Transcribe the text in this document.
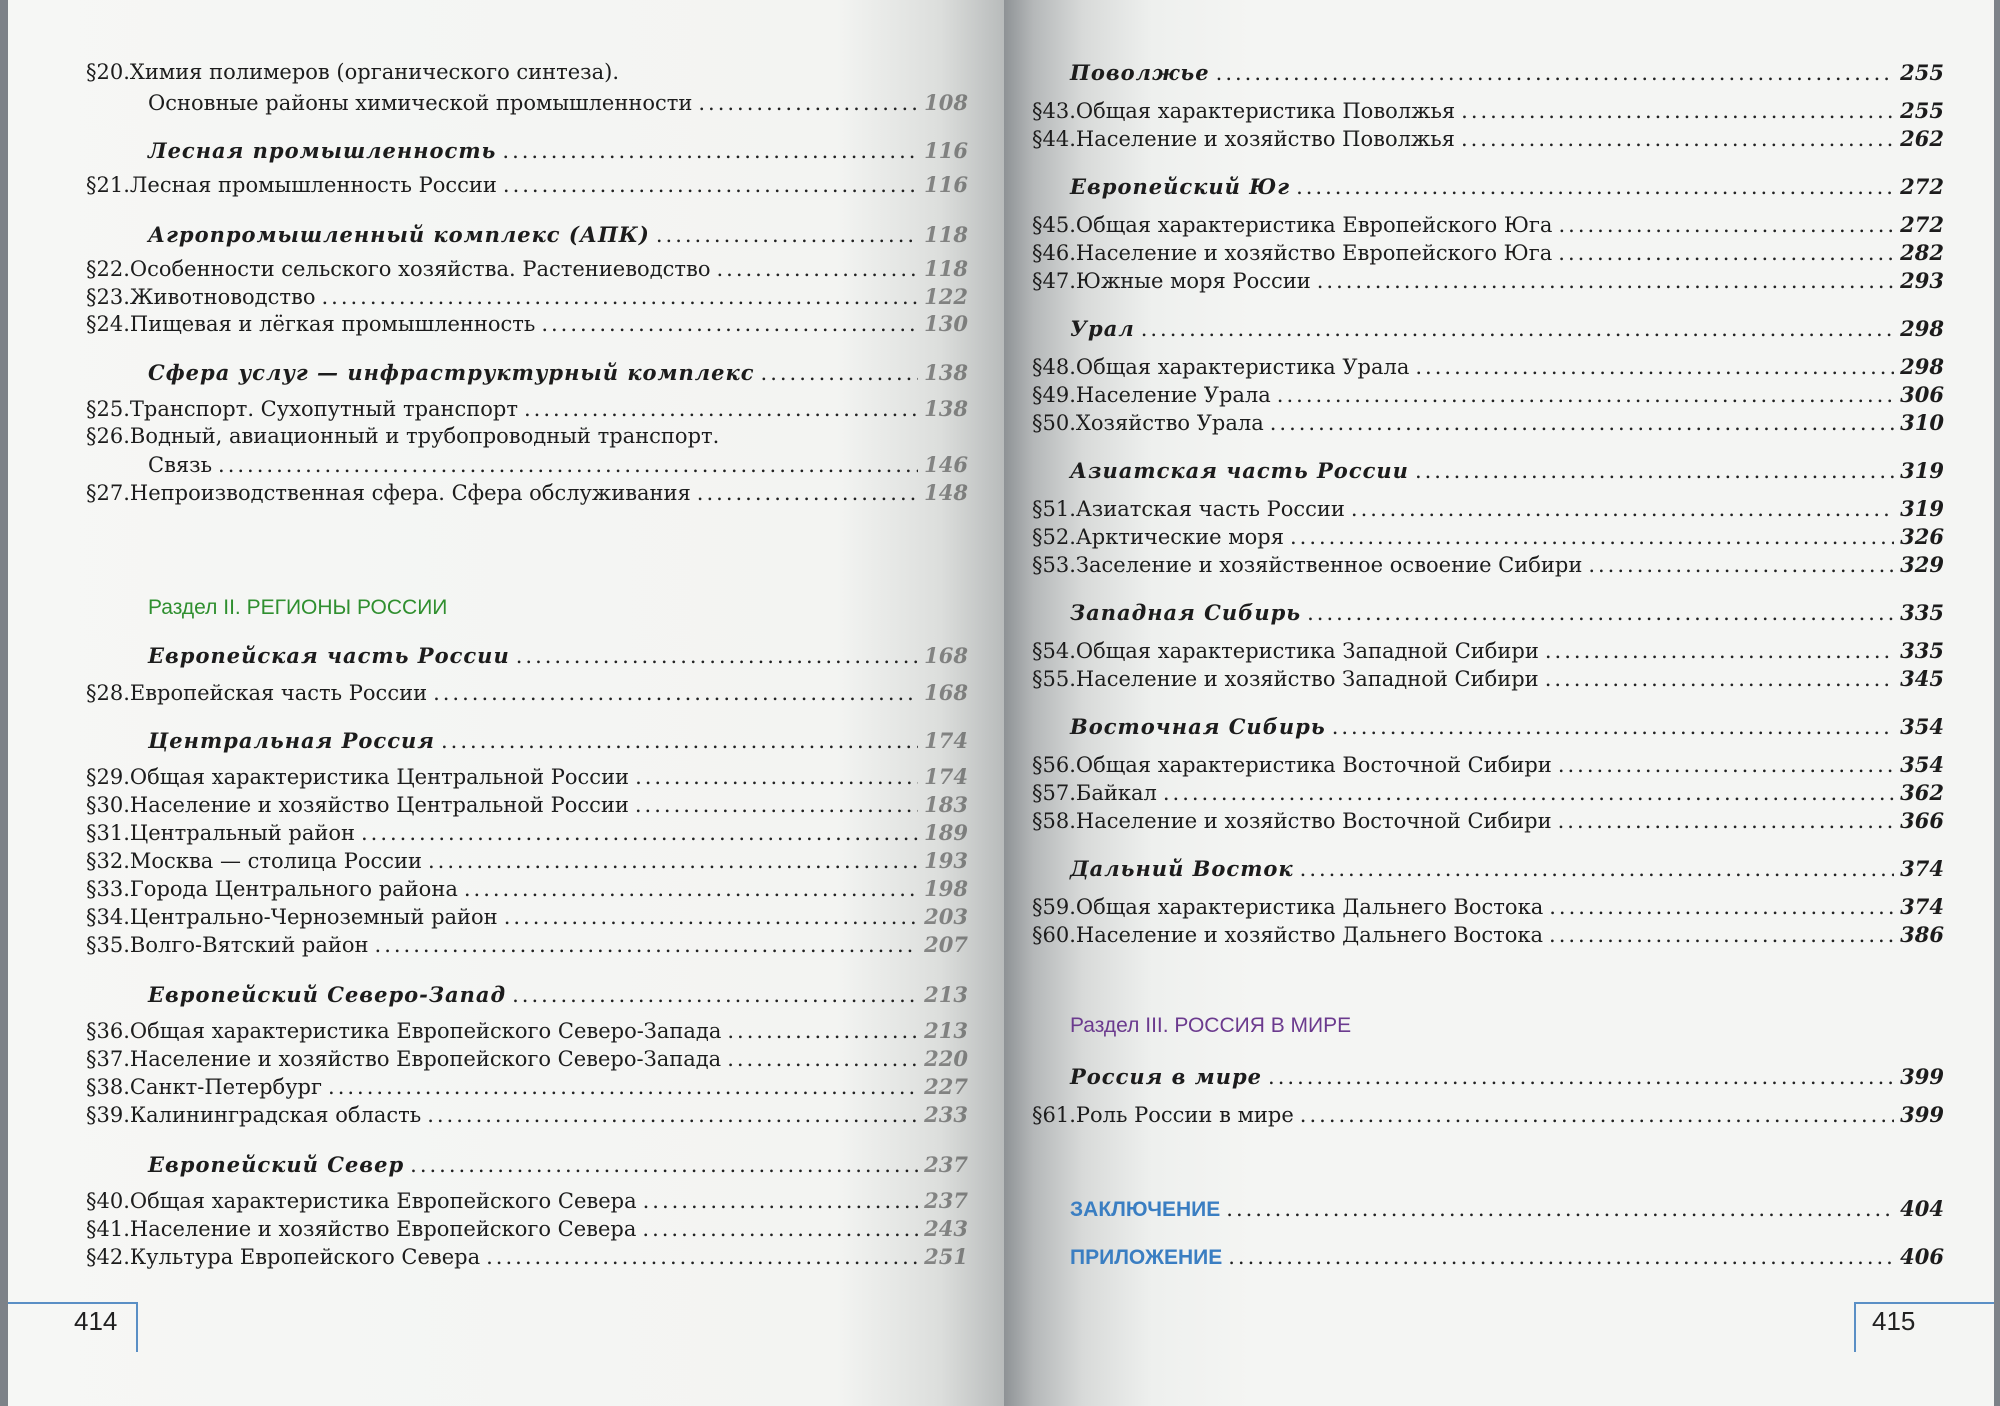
414
§20. Химия полимеров (органического синтеза).
Основные районы химической промышленности .....	108
Лесная промышленность .....	116
§21. Лесная промышленность России .....	116
Агропромышленный комплекс (АПК) .....	118
§22. Особенности сельского хозяйства. Растениеводство .....	118
§23. Животноводство .....	122
§24. Пищевая и лёгкая промышленность .....	130
Сфера услуг — инфраструктурный комплекс .....	138
§25. Транспорт. Сухопутный транспорт .....	138
§26. Водный, авиационный и трубопроводный транспорт.
Связь .....	146
§27. Непроизводственная сфера. Сфера обслуживания .....	148
Раздел II. РЕГИОНЫ РОССИИ
Европейская часть России .....	168
§28. Европейская часть России .....	168
Центральная Россия .....	174
§29. Общая характеристика Центральной России .....	174
§30. Население и хозяйство Центральной России .....	183
§31. Центральный район .....	189
§32. Москва — столица России .....	193
§33. Города Центрального района .....	198
§34. Центрально-Черноземный район .....	203
§35. Волго-Вятский район .....	207
Европейский Северо-Запад .....	213
§36. Общая характеристика Европейского Северо-Запада .....	213
§37. Население и хозяйство Европейского Северо-Запада .....	220
§38. Санкт-Петербург .....	227
§39. Калининградская область .....	233
Европейский Север .....	237
§40. Общая характеристика Европейского Севера .....	237
§41. Население и хозяйство Европейского Севера .....	243
§42. Культура Европейского Севера .....	251
415
Поволжье .....	255
§43. Общая характеристика Поволжья .....	255
§44. Население и хозяйство Поволжья .....	262
Европейский Юг .....	272
§45. Общая характеристика Европейского Юга .....	272
§46. Население и хозяйство Европейского Юга .....	282
§47. Южные моря России .....	293
Урал .....	298
§48. Общая характеристика Урала .....	298
§49. Население Урала .....	306
§50. Хозяйство Урала .....	310
Азиатская часть России .....	319
§51. Азиатская часть России .....	319
§52. Арктические моря .....	326
§53. Заселение и хозяйственное освоение Сибири .....	329
Западная Сибирь .....	335
§54. Общая характеристика Западной Сибири .....	335
§55. Население и хозяйство Западной Сибири .....	345
Восточная Сибирь .....	354
§56. Общая характеристика Восточной Сибири .....	354
§57. Байкал .....	362
§58. Население и хозяйство Восточной Сибири .....	366
Дальний Восток .....	374
§59. Общая характеристика Дальнего Востока .....	374
§60. Население и хозяйство Дальнего Востока .....	386
Раздел III. РОССИЯ В МИРЕ
Россия в мире .....	399
§61. Роль России в мире .....	399
ЗАКЛЮЧЕНИЕ .....	404
ПРИЛОЖЕНИЕ .....	406
